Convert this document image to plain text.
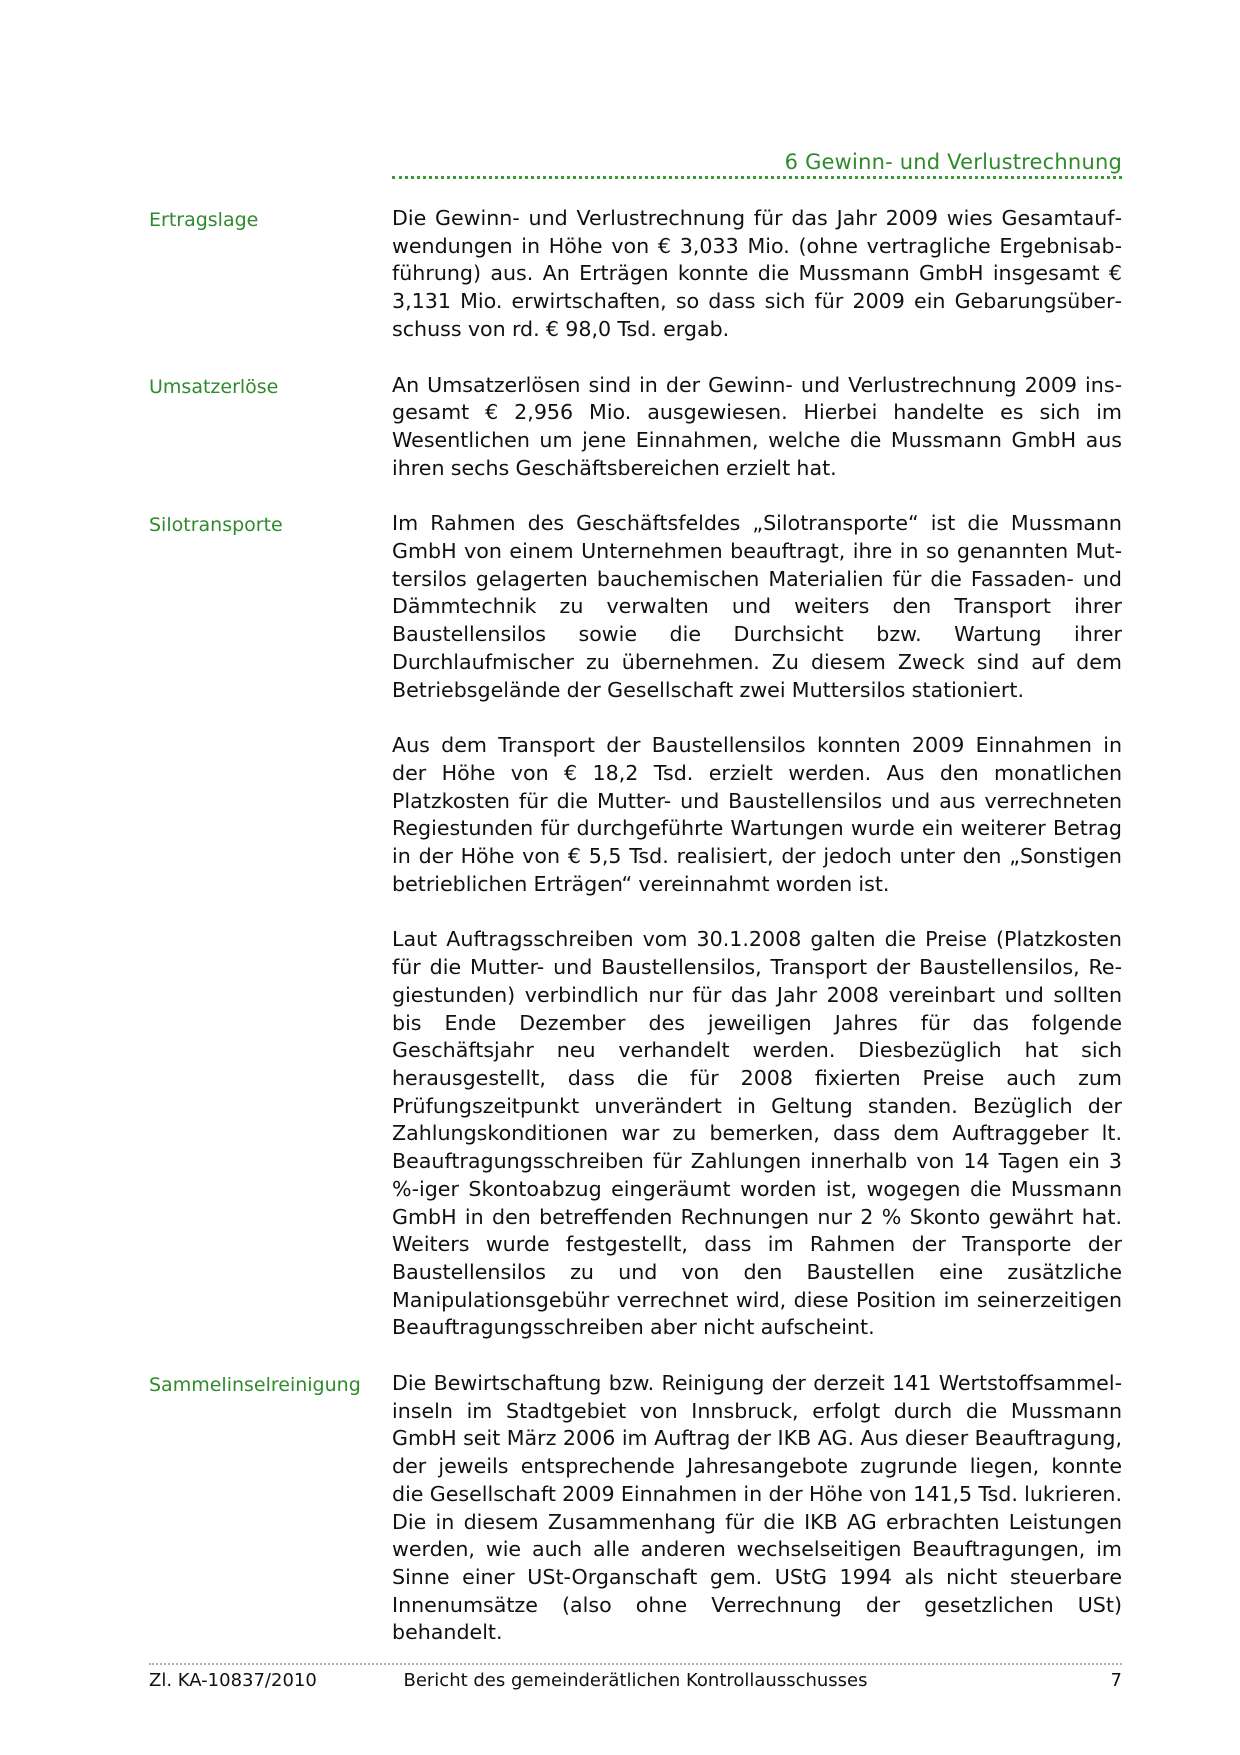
6 Gewinn- und Verlustrechnung
Ertragslage	Die Gewinn- und Verlustrechnung für das Jahr 2009 wies Gesamtaufwendungen in Höhe von € 3,033 Mio. (ohne vertragliche Ergebnisabführung) aus. An Erträgen konnte die Mussmann GmbH insgesamt € 3,131 Mio. erwirtschaften, so dass sich für 2009 ein Gebarungsüberschuss von rd. € 98,0 Tsd. ergab.

Umsatzerlöse	An Umsatzerlösen sind in der Gewinn- und Verlustrechnung 2009 insgesamt € 2,956 Mio. ausgewiesen. Hierbei handelte es sich im Wesentlichen um jene Einnahmen, welche die Mussmann GmbH aus ihren sechs Geschäftsbereichen erzielt hat.

Silotransporte	Im Rahmen des Geschäftsfeldes „Silotransporte“ ist die Mussmann GmbH von einem Unternehmen beauftragt, ihre in so genannten Muttersilos gelagerten bauchemischen Materialien für die Fassaden- und Dämmtechnik zu verwalten und weiters den Transport ihrer Baustellensilos sowie die Durchsicht bzw. Wartung ihrer Durchlaufmischer zu übernehmen. Zu diesem Zweck sind auf dem Betriebsgelände der Gesellschaft zwei Muttersilos stationiert.

Aus dem Transport der Baustellensilos konnten 2009 Einnahmen in der Höhe von € 18,2 Tsd. erzielt werden. Aus den monatlichen Platzkosten für die Mutter- und Baustellensilos und aus verrechneten Regiestunden für durchgeführte Wartungen wurde ein weiterer Betrag in der Höhe von € 5,5 Tsd. realisiert, der jedoch unter den „Sonstigen betrieblichen Erträgen“ vereinnahmt worden ist.

Laut Auftragsschreiben vom 30.1.2008 galten die Preise (Platzkosten für die Mutter- und Baustellensilos, Transport der Baustellensilos, Regiestunden) verbindlich nur für das Jahr 2008 vereinbart und sollten bis Ende Dezember des jeweiligen Jahres für das folgende Geschäftsjahr neu verhandelt werden. Diesbezüglich hat sich herausgestellt, dass die für 2008 fixierten Preise auch zum Prüfungszeitpunkt unverändert in Geltung standen. Bezüglich der Zahlungskonditionen war zu bemerken, dass dem Auftraggeber lt. Beauftragungsschreiben für Zahlungen innerhalb von 14 Tagen ein 3 %-iger Skontoabzug eingeräumt worden ist, wogegen die Mussmann GmbH in den betreffenden Rechnungen nur 2 % Skonto gewährt hat. Weiters wurde festgestellt, dass im Rahmen der Transporte der Baustellensilos zu und von den Baustellen eine zusätzliche Manipulationsgebühr verrechnet wird, diese Position im seinerzeitigen Beauftragungsschreiben aber nicht aufscheint.

Sammelinselreinigung Die Bewirtschaftung bzw. Reinigung der derzeit 141 Wertstoffsammelinseln im Stadtgebiet von Innsbruck, erfolgt durch die Mussmann GmbH seit März 2006 im Auftrag der IKB AG. Aus dieser Beauftragung, der jeweils entsprechende Jahresangebote zugrunde liegen, konnte die Gesellschaft 2009 Einnahmen in der Höhe von 141,5 Tsd. lukrieren. Die in diesem Zusammenhang für die IKB AG erbrachten Leistungen werden, wie auch alle anderen wechselseitigen Beauftragungen, im Sinne einer USt-Organschaft gem. UStG 1994 als nicht steuerbare Innenumsätze (also ohne Verrechnung der gesetzlichen USt) behandelt.

Zl. KA-10837/2010	Bericht des gemeinderätlichen Kontrollausschusses	7
